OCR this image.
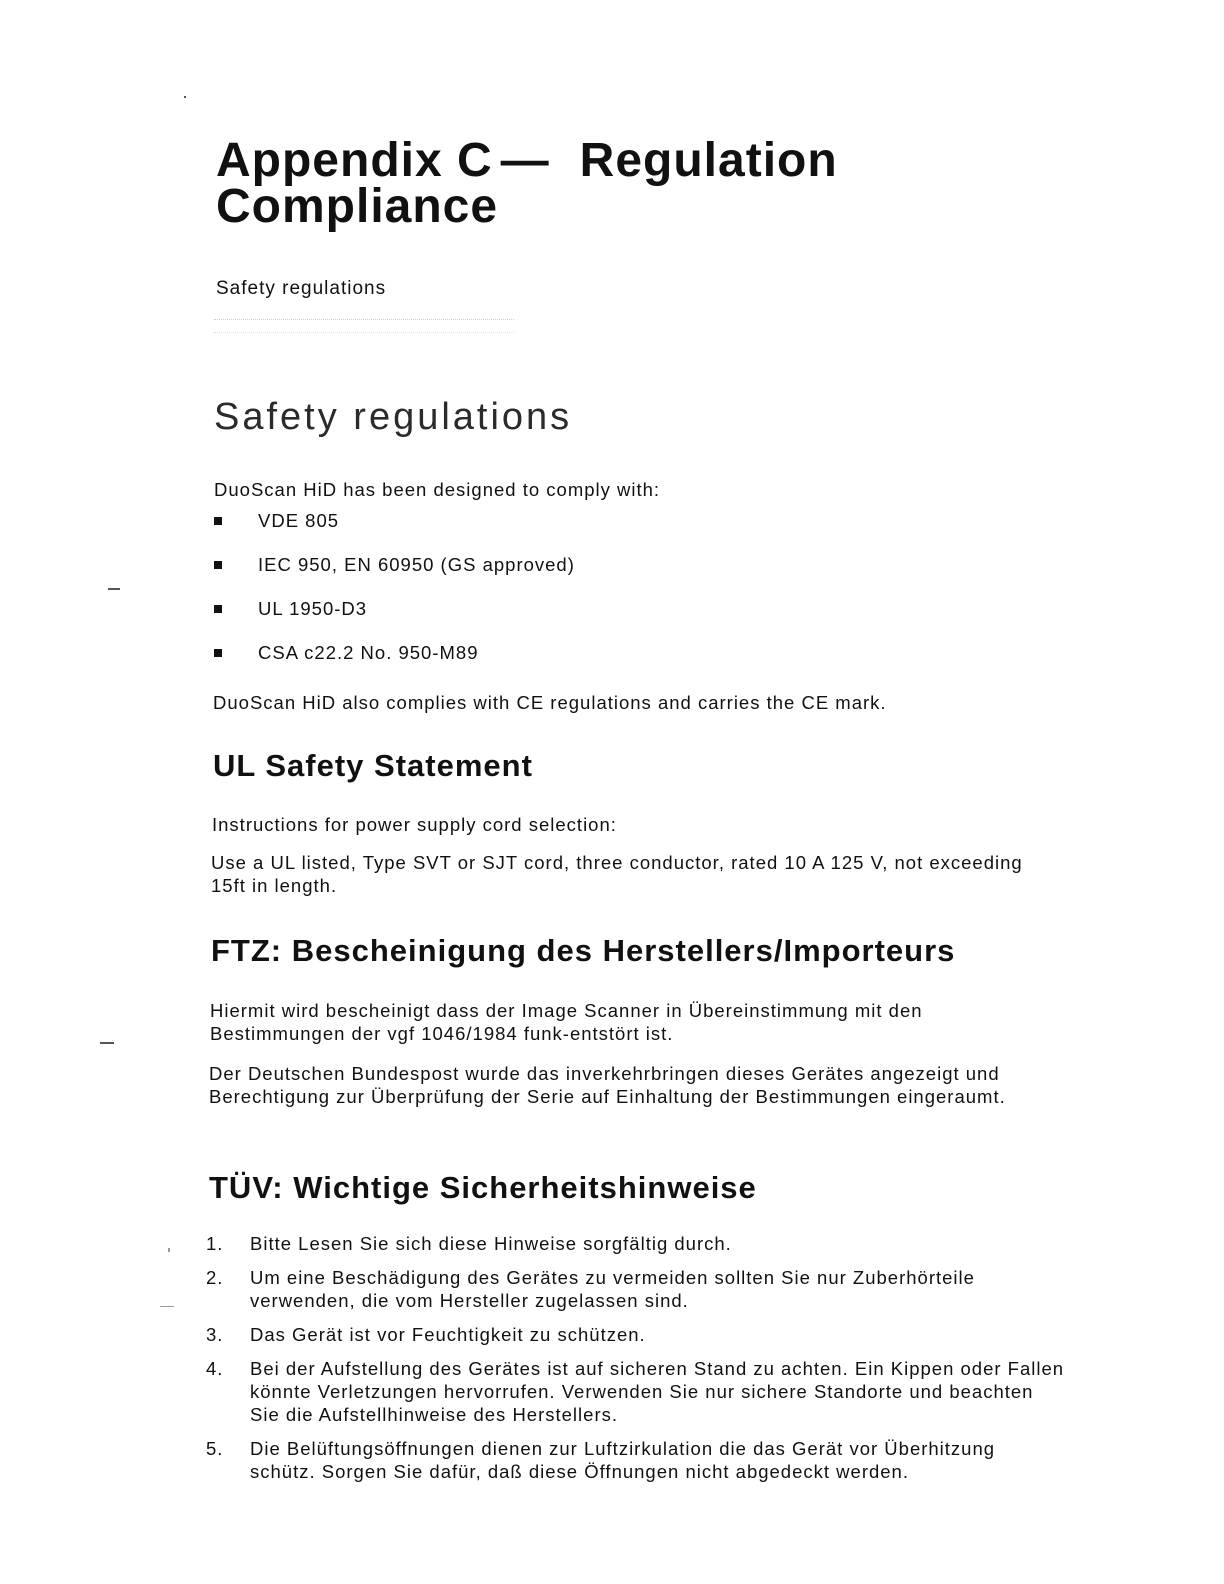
Appendix C — Regulation
Compliance
Safety regulations
Safety regulations
DuoScan HiD has been designed to comply with:
VDE 805
IEC 950, EN 60950 (GS approved)
UL 1950-D3
CSA c22.2 No. 950-M89
DuoScan HiD also complies with CE regulations and carries the CE mark.
UL Safety Statement
Instructions for power supply cord selection:
Use a UL listed, Type SVT or SJT cord, three conductor, rated 10 A 125 V, not exceeding 15ft in length.
FTZ: Bescheinigung des Herstellers/Importeurs
Hiermit wird bescheinigt dass der Image Scanner in Übereinstimmung mit den Bestimmungen der vgf 1046/1984 funk-entstört ist.
Der Deutschen Bundespost wurde das inverkehrbringen dieses Gerätes angezeigt und Berechtigung zur Überprüfung der Serie auf Einhaltung der Bestimmungen eingeraumt.
TÜV: Wichtige Sicherheitshinweise
1.	Bitte Lesen Sie sich diese Hinweise sorgfältig durch.
2.	Um eine Beschädigung des Gerätes zu vermeiden sollten Sie nur Zuberhörteile verwenden, die vom Hersteller zugelassen sind.
3.	Das Gerät ist vor Feuchtigkeit zu schützen.
4.	Bei der Aufstellung des Gerätes ist auf sicheren Stand zu achten. Ein Kippen oder Fallen könnte Verletzungen hervorrufen. Verwenden Sie nur sichere Standorte und beachten Sie die Aufstellhinweise des Herstellers.
5.	Die Belüftungsöffnungen dienen zur Luftzirkulation die das Gerät vor Überhitzung schütz. Sorgen Sie dafür, daß diese Öffnungen nicht abgedeckt werden.
